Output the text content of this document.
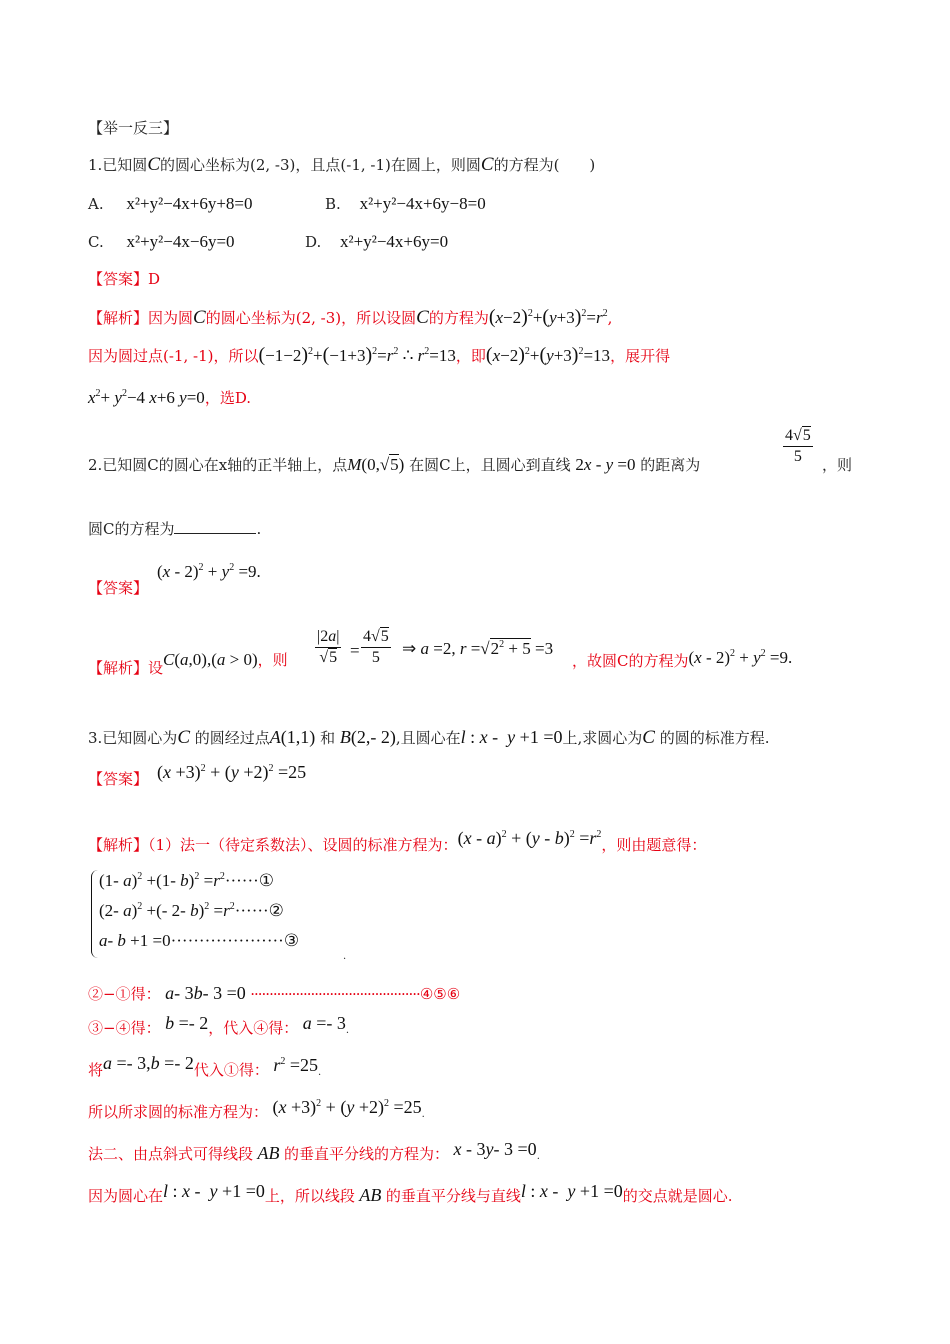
【举一反三】
1.已知圆C的圆心坐标为(2, -3)，且点(-1, -1)在圆上，则圆C的方程为(　　)
A. x²+y²−4x+6y+8=0	B. x²+y²−4x+6y−8=0
C. x²+y²−4x−6y=0	D. x²+y²−4x+6y=0
【答案】D
【解析】因为圆C的圆心坐标为(2, -3)，所以设圆C的方程为$(x-2)^2+(y+3)^2=r^2$,
因为圆过点(-1, -1)，所以$(-1-2)^2+(-1+3)^2=r^2$ ∴ $r^2=13$，即$(x-2)^2+(y+3)^2=13$，展开得
$x^2+ y^2-4$ x+6 y=0，选D.
2.已知圆C的圆心在x轴的正半轴上，点M(0,√5) 在圆C上，且圆心到直线 2x - y =0 的距离为	$\frac{4√5}{5}$ ，则
圆C的方程为	.
$(x - 2)^2 + y^2 =9$.
【答案】
$\frac{|2a|}{√5} = \frac{4√5}{5}$ ⇒ a =2, $r =√2^2 + 5 =3$
【解析】设C(a,0),(a > 0)，则	，故圆C的方程为$(x - 2)^2 + y^2 =9$.
3.已知圆心为C 的圆经过点A(1,1) 和 B(2,- 2),且圆心在l : x -  y +1 =0上,求圆心为C 的圆的标准方程.
$(x +3)^2 + (y +2)^2 =25$
【答案】
【解析】（1）法一（待定系数法）、设圆的标准方程为：$(x - a)^2 + (y - b)^2 =r^2$，则由题意得：
(1- a)$^2$ +(1- $b)^2 =r^2\cdot\cdot\cdot\cdot\cdot\cdot ①$
(2- a)$^2$ +(- 2- $b)^2 =r^2\cdot\cdot\cdot\cdot\cdot\cdot ②$
a- b +1 =0····················③
.
②−①得： a- 3b- 3 =0 ·············································④⑤⑥
③−④得： b =- 2，代入④得： a =- 3.
将a =- 3,b =- 2代入①得： $r^2 =25$.
所以所求圆的标准方程为： $(x +3)^2 + (y +2)^2 =25$.
法二、由点斜式可得线段 AB 的垂直平分线的方程为： x - 3y- 3 =0.
因为圆心在l : x -  y +1 =0上，所以线段 AB 的垂直平分线与直线l : x -  y +1 =0的交点就是圆心.
